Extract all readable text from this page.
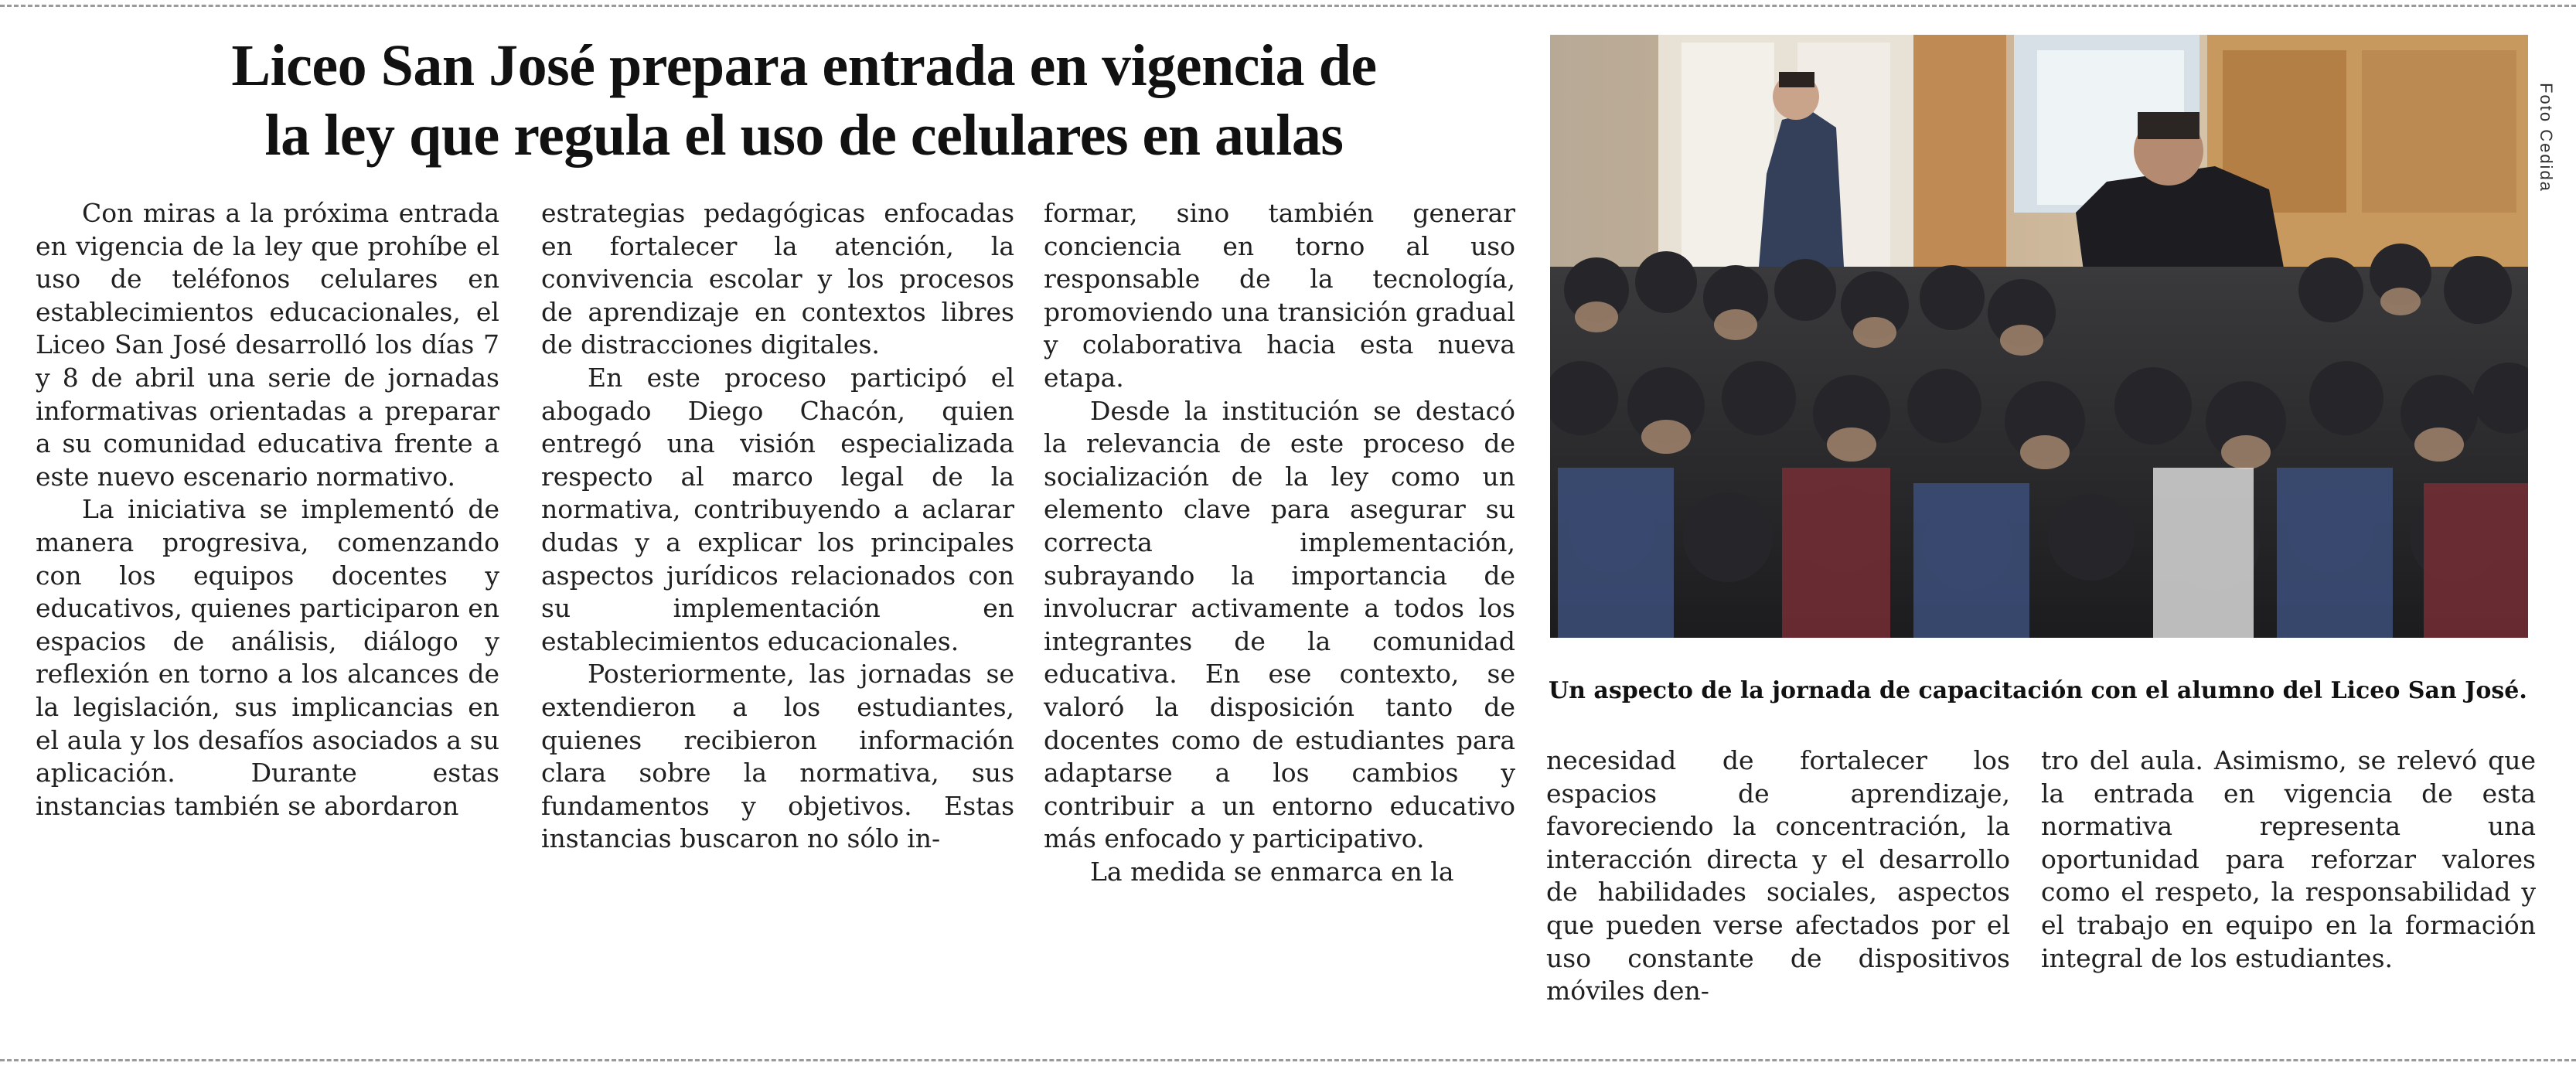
Liceo San José prepara entrada en vigencia de
la ley que regula el uso de celulares en aulas

Con miras a la próxima entrada en vigencia de la ley que prohíbe el uso de teléfonos celulares en establecimientos educacionales, el Liceo San José desarrolló los días 7 y 8 de abril una serie de jornadas informativas orientadas a preparar a su comunidad educativa frente a este nuevo escenario normativo.

La iniciativa se implementó de manera progresiva, comenzando con los equipos docentes y educativos, quienes participaron en espacios de análisis, diálogo y reflexión en torno a los alcances de la legislación, sus implicancias en el aula y los desafíos asociados a su aplicación. Durante estas instancias también se abordaron

estrategias pedagógicas enfocadas en fortalecer la atención, la convivencia escolar y los procesos de aprendizaje en contextos libres de distracciones digitales.

En este proceso participó el abogado Diego Chacón, quien entregó una visión especializada respecto al marco legal de la normativa, contribuyendo a aclarar dudas y a explicar los principales aspectos jurídicos relacionados con su implementación en establecimientos educacionales.

Posteriormente, las jornadas se extendieron a los estudiantes, quienes recibieron información clara sobre la normativa, sus fundamentos y objetivos. Estas instancias buscaron no sólo in-

formar, sino también generar conciencia en torno al uso responsable de la tecnología, promoviendo una transición gradual y colaborativa hacia esta nueva etapa.

Desde la institución se destacó la relevancia de este proceso de socialización de la ley como un elemento clave para asegurar su correcta implementación, subrayando la importancia de involucrar activamente a todos los integrantes de la comunidad educativa. En ese contexto, se valoró la disposición tanto de docentes como de estudiantes para adaptarse a los cambios y contribuir a un entorno educativo más enfocado y participativo.

La medida se enmarca en la

Foto Cedida
Un aspecto de la jornada de capacitación con el alumno del Liceo San José.

necesidad de fortalecer los espacios de aprendizaje, favoreciendo la concentración, la interacción directa y el desarrollo de habilidades sociales, aspectos que pueden verse afectados por el uso constante de dispositivos móviles den-

tro del aula. Asimismo, se relevó que la entrada en vigencia de esta normativa representa una oportunidad para reforzar valores como el respeto, la responsabilidad y el trabajo en equipo en la formación integral de los estudiantes.
